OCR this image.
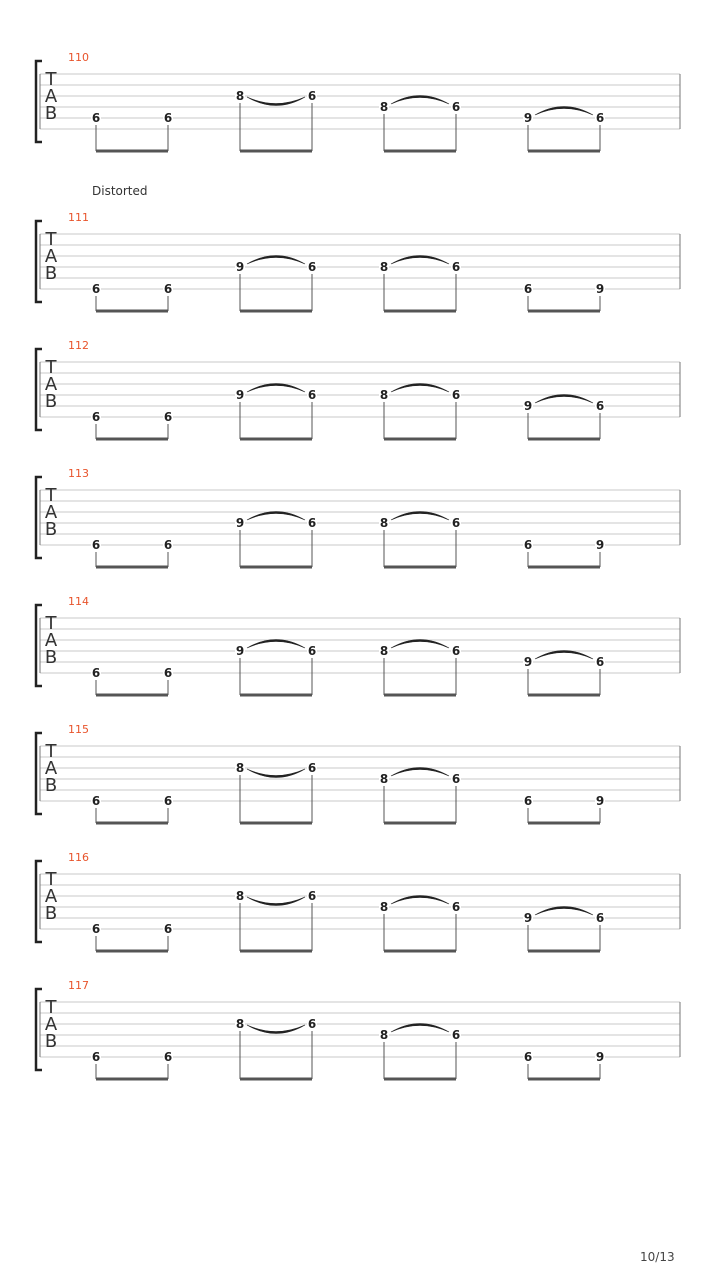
110
T
A
B	6	6
8	6
8	6
9	6
111
T
A
B
6	6
9	6	8	6
6	9
112
T
A
B
6	6
9	6	8	6
9	6
113
T
A
B
6	6
9	6	8	6
6	9
114
T
A
B
6	6
9	6	8	6
9	6
115
T
A
B
6	6
8	6
8	6
6	9
116
T
A
B
6	6
8	6
8	6
9	6
117
T
A
B
6	6
8	6
8	6
6	9
Distorted
10/13
